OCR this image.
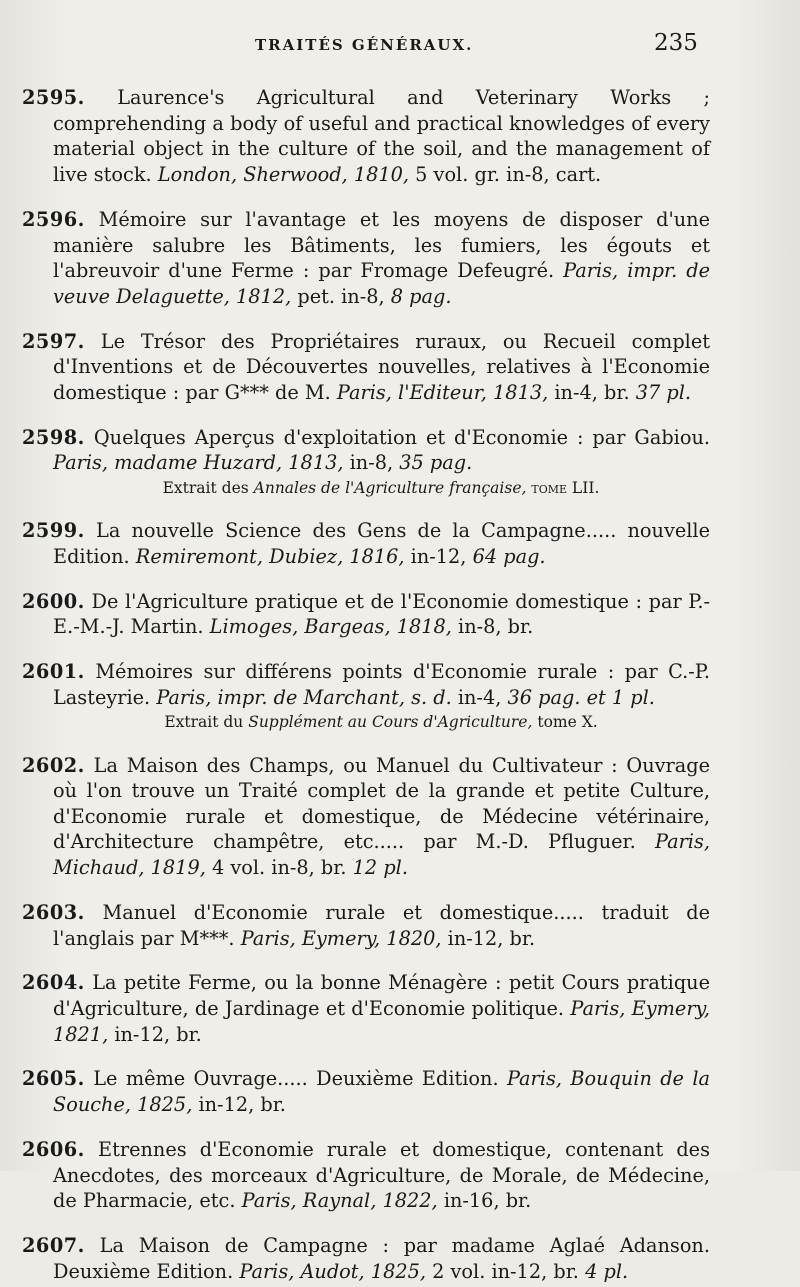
TRAITÉS GÉNÉRAUX.	235

2595. Laurence's Agricultural and Veterinary Works ; comprehending a body of useful and practical knowledges of every material object in the culture of the soil, and the management of live stock. London, Sherwood, 1810, 5 vol. gr. in-8, cart.

2596. Mémoire sur l'avantage et les moyens de disposer d'une manière salubre les Bâtiments, les fumiers, les égouts et l'abreuvoir d'une Ferme : par Fromage Defeugré. Paris, impr. de veuve Delaguette, 1812, pet. in-8, 8 pag.

2597. Le Trésor des Propriétaires ruraux, ou Recueil complet d'Inventions et de Découvertes nouvelles, relatives à l'Economie domestique : par G*** de M. Paris, l'Editeur, 1813, in-4, br. 37 pl.

2598. Quelques Aperçus d'exploitation et d'Economie : par Gabiou. Paris, madame Huzard, 1813, in-8, 35 pag.

Extrait des Annales de l'Agriculture française, tome LII.

2599. La nouvelle Science des Gens de la Campagne..... nouvelle Edition. Remiremont, Dubiez, 1816, in-12, 64 pag.

2600. De l'Agriculture pratique et de l'Economie domestique : par P.-E.-M.-J. Martin. Limoges, Bargeas, 1818, in-8, br.

2601. Mémoires sur différens points d'Economie rurale : par C.-P. Lasteyrie. Paris, impr. de Marchant, s. d. in-4, 36 pag. et 1 pl.

Extrait du Supplément au Cours d'Agriculture, tome X.

2602. La Maison des Champs, ou Manuel du Cultivateur : Ouvrage où l'on trouve un Traité complet de la grande et petite Culture, d'Economie rurale et domestique, de Médecine vétérinaire, d'Architecture champêtre, etc..... par M.-D. Pfluguer. Paris, Michaud, 1819, 4 vol. in-8, br. 12 pl.

2603. Manuel d'Economie rurale et domestique..... traduit de l'anglais par M***. Paris, Eymery, 1820, in-12, br.

2604. La petite Ferme, ou la bonne Ménagère : petit Cours pratique d'Agriculture, de Jardinage et d'Economie politique. Paris, Eymery, 1821, in-12, br.

2605. Le même Ouvrage..... Deuxième Edition. Paris, Bouquin de la Souche, 1825, in-12, br.

2606. Etrennes d'Economie rurale et domestique, contenant des Anecdotes, des morceaux d'Agriculture, de Morale, de Médecine, de Pharmacie, etc. Paris, Raynal, 1822, in-16, br.

2607. La Maison de Campagne : par madame Aglaé Adanson. Deuxième Edition. Paris, Audot, 1825, 2 vol. in-12, br. 4 pl.
